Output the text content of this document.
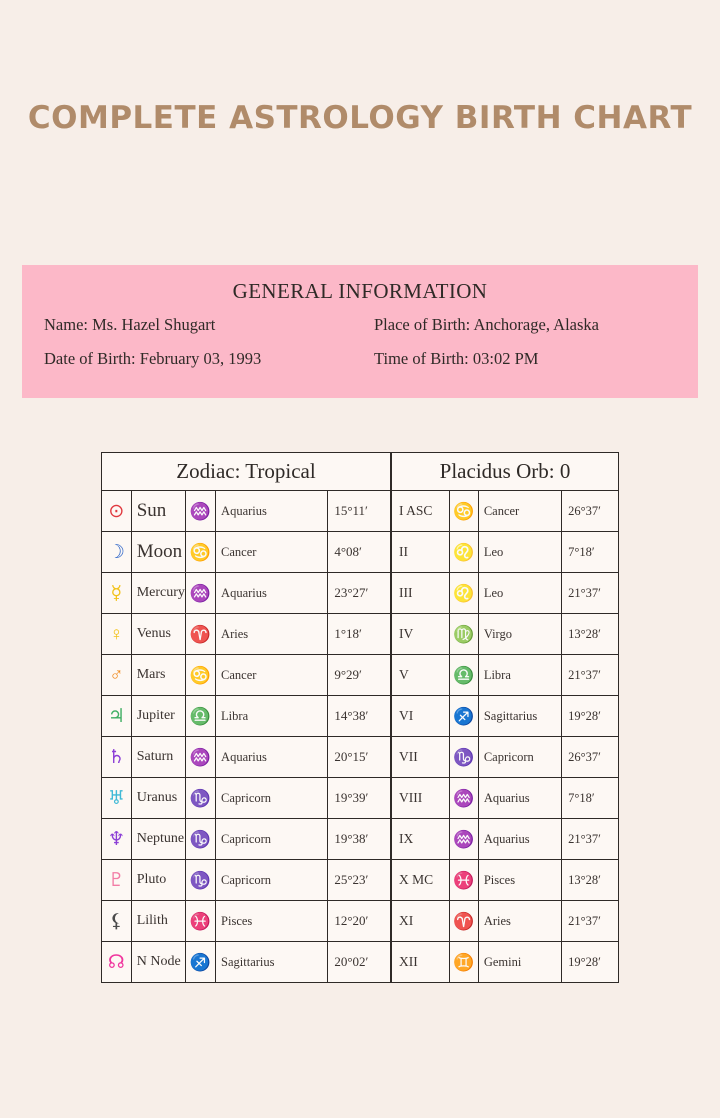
COMPLETE ASTROLOGY BIRTH CHART
GENERAL INFORMATION
Name: Ms. Hazel Shugart	Place of Birth: Anchorage, Alaska
Date of Birth: February 03, 1993	Time of Birth: 03:02 PM
Zodiac: Tropical				
⊙	Sun	♒	Aquarius	15°11′
☽	Moon	♋	Cancer	4°08′
☿	Mercury	♒	Aquarius	23°27′
♀	Venus	♈	Aries	1°18′
♂	Mars	♋	Cancer	9°29′
♃	Jupiter	♎	Libra	14°38′
♄	Saturn	♒	Aquarius	20°15′
♅	Uranus	♑	Capricorn	19°39′
♆	Neptune	♑	Capricorn	19°38′
♇	Pluto	♑	Capricorn	25°23′
⚸	Lilith	♓	Pisces	12°20′
☊	N Node	♐	Sagittarius	20°02′
Placidus Orb: 0			
I ASC	♋	Cancer	26°37′
II	♌	Leo	7°18′
III	♌	Leo	21°37′
IV	♍	Virgo	13°28′
V	♎	Libra	21°37′
VI	♐	Sagittarius	19°28′
VII	♑	Capricorn	26°37′
VIII	♒	Aquarius	7°18′
IX	♒	Aquarius	21°37′
X MC	♓	Pisces	13°28′
XI	♈	Aries	21°37′
XII	♊	Gemini	19°28′
